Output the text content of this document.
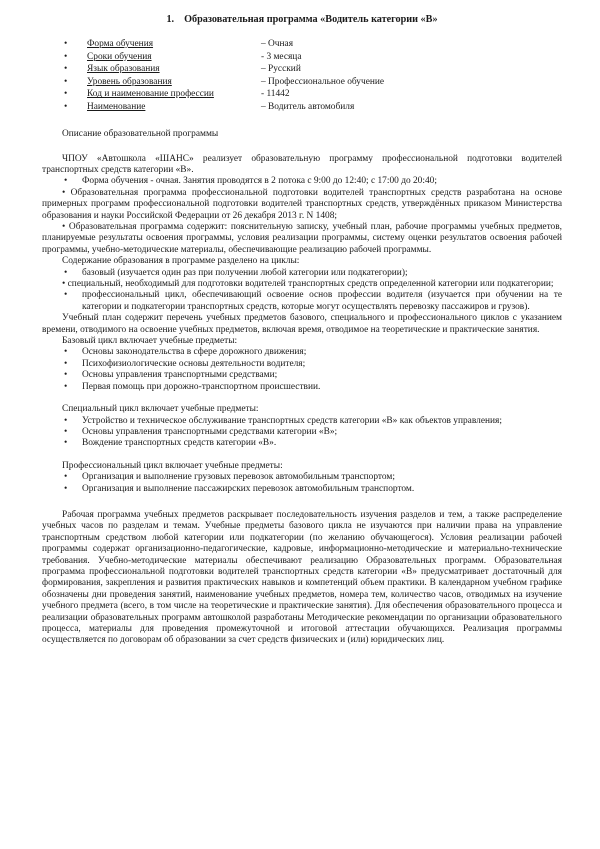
1. Образовательная программа «Водитель категории «В»
•	Форма обучения	– Очная
•	Сроки обучения	- 3 месяца
•	Язык образования	– Русский
•	Уровень образования	– Профессиональное обучение
•	Код и наименование профессии	- 11442
•	Наименование	– Водитель автомобиля
Описание образовательной программы

ЧПОУ «Автошкола «ШАНС» реализует образовательную программу профессиональной подготовки водителей транспортных средств категории «В».

• Форма обучения - очная. Занятия проводятся в 2 потока с 9:00 до 12:40; с 17:00 до 20:40;

• Образовательная программа профессиональной подготовки водителей транспортных средств разработана на основе примерных программ профессиональной подготовки водителей транспортных средств, утверждённых приказом Министерства образования и науки Российской Федерации от 26 декабря 2013 г. N 1408;

• Образовательная программа содержит: пояснительную записку, учебный план, рабочие программы учебных предметов, планируемые результаты освоения программы, условия реализации программы, систему оценки результатов освоения рабочей программы, учебно-методические материалы, обеспечивающие реализацию рабочей программы.

Содержание образования в программе разделено на циклы:

• базовый (изучается один раз при получении любой категории или подкатегории);

• специальный, необходимый для подготовки водителей транспортных средств определенной категории или подкатегории;

• профессиональный цикл, обеспечивающий освоение основ профессии водителя (изучается при обучении на те категории и подкатегории транспортных средств, которые могут осуществлять перевозку пассажиров и грузов).

Учебный план содержит перечень учебных предметов базового, специального и профессионального циклов с указанием времени, отводимого на освоение учебных предметов, включая время, отводимое на теоретические и практические занятия.

Базовый цикл включает учебные предметы:

• Основы законодательства в сфере дорожного движения;
• Психофизиологические основы деятельности водителя;
• Основы управления транспортными средствами;
• Первая помощь при дорожно-транспортном происшествии.

Специальный цикл включает учебные предметы:

• Устройство и техническое обслуживание транспортных средств категории «В» как объектов управления;
• Основы управления транспортными средствами категории «В»;
• Вождение транспортных средств категории «В».

Профессиональный цикл включает учебные предметы:

• Организация и выполнение грузовых перевозок автомобильным транспортом;
• Организация и выполнение пассажирских перевозок автомобильным транспортом.

Рабочая программа учебных предметов раскрывает последовательность изучения разделов и тем, а также распределение учебных часов по разделам и темам. Учебные предметы базового цикла не изучаются при наличии права на управление транспортным средством любой категории или подкатегории (по желанию обучающегося). Условия реализации рабочей программы содержат организационно-педагогические, кадровые, информационно-методические и материально-технические требования. Учебно-методические материалы обеспечивают реализацию Образовательных программ. Образовательная программа профессиональной подготовки водителей транспортных средств категории «В» предусматривает достаточный для формирования, закрепления и развития практических навыков и компетенций объем практики. В календарном учебном графике обозначены дни проведения занятий, наименование учебных предметов, номера тем, количество часов, отводимых на изучение учебного предмета (всего, в том числе на теоретические и практические занятия). Для обеспечения образовательного процесса и реализации образовательных программ автошколой разработаны Методические рекомендации по организации образовательного процесса, материалы для проведения промежуточной и итоговой аттестации обучающихся. Реализация программы осуществляется по договорам об образовании за счет средств физических и (или) юридических лиц.
